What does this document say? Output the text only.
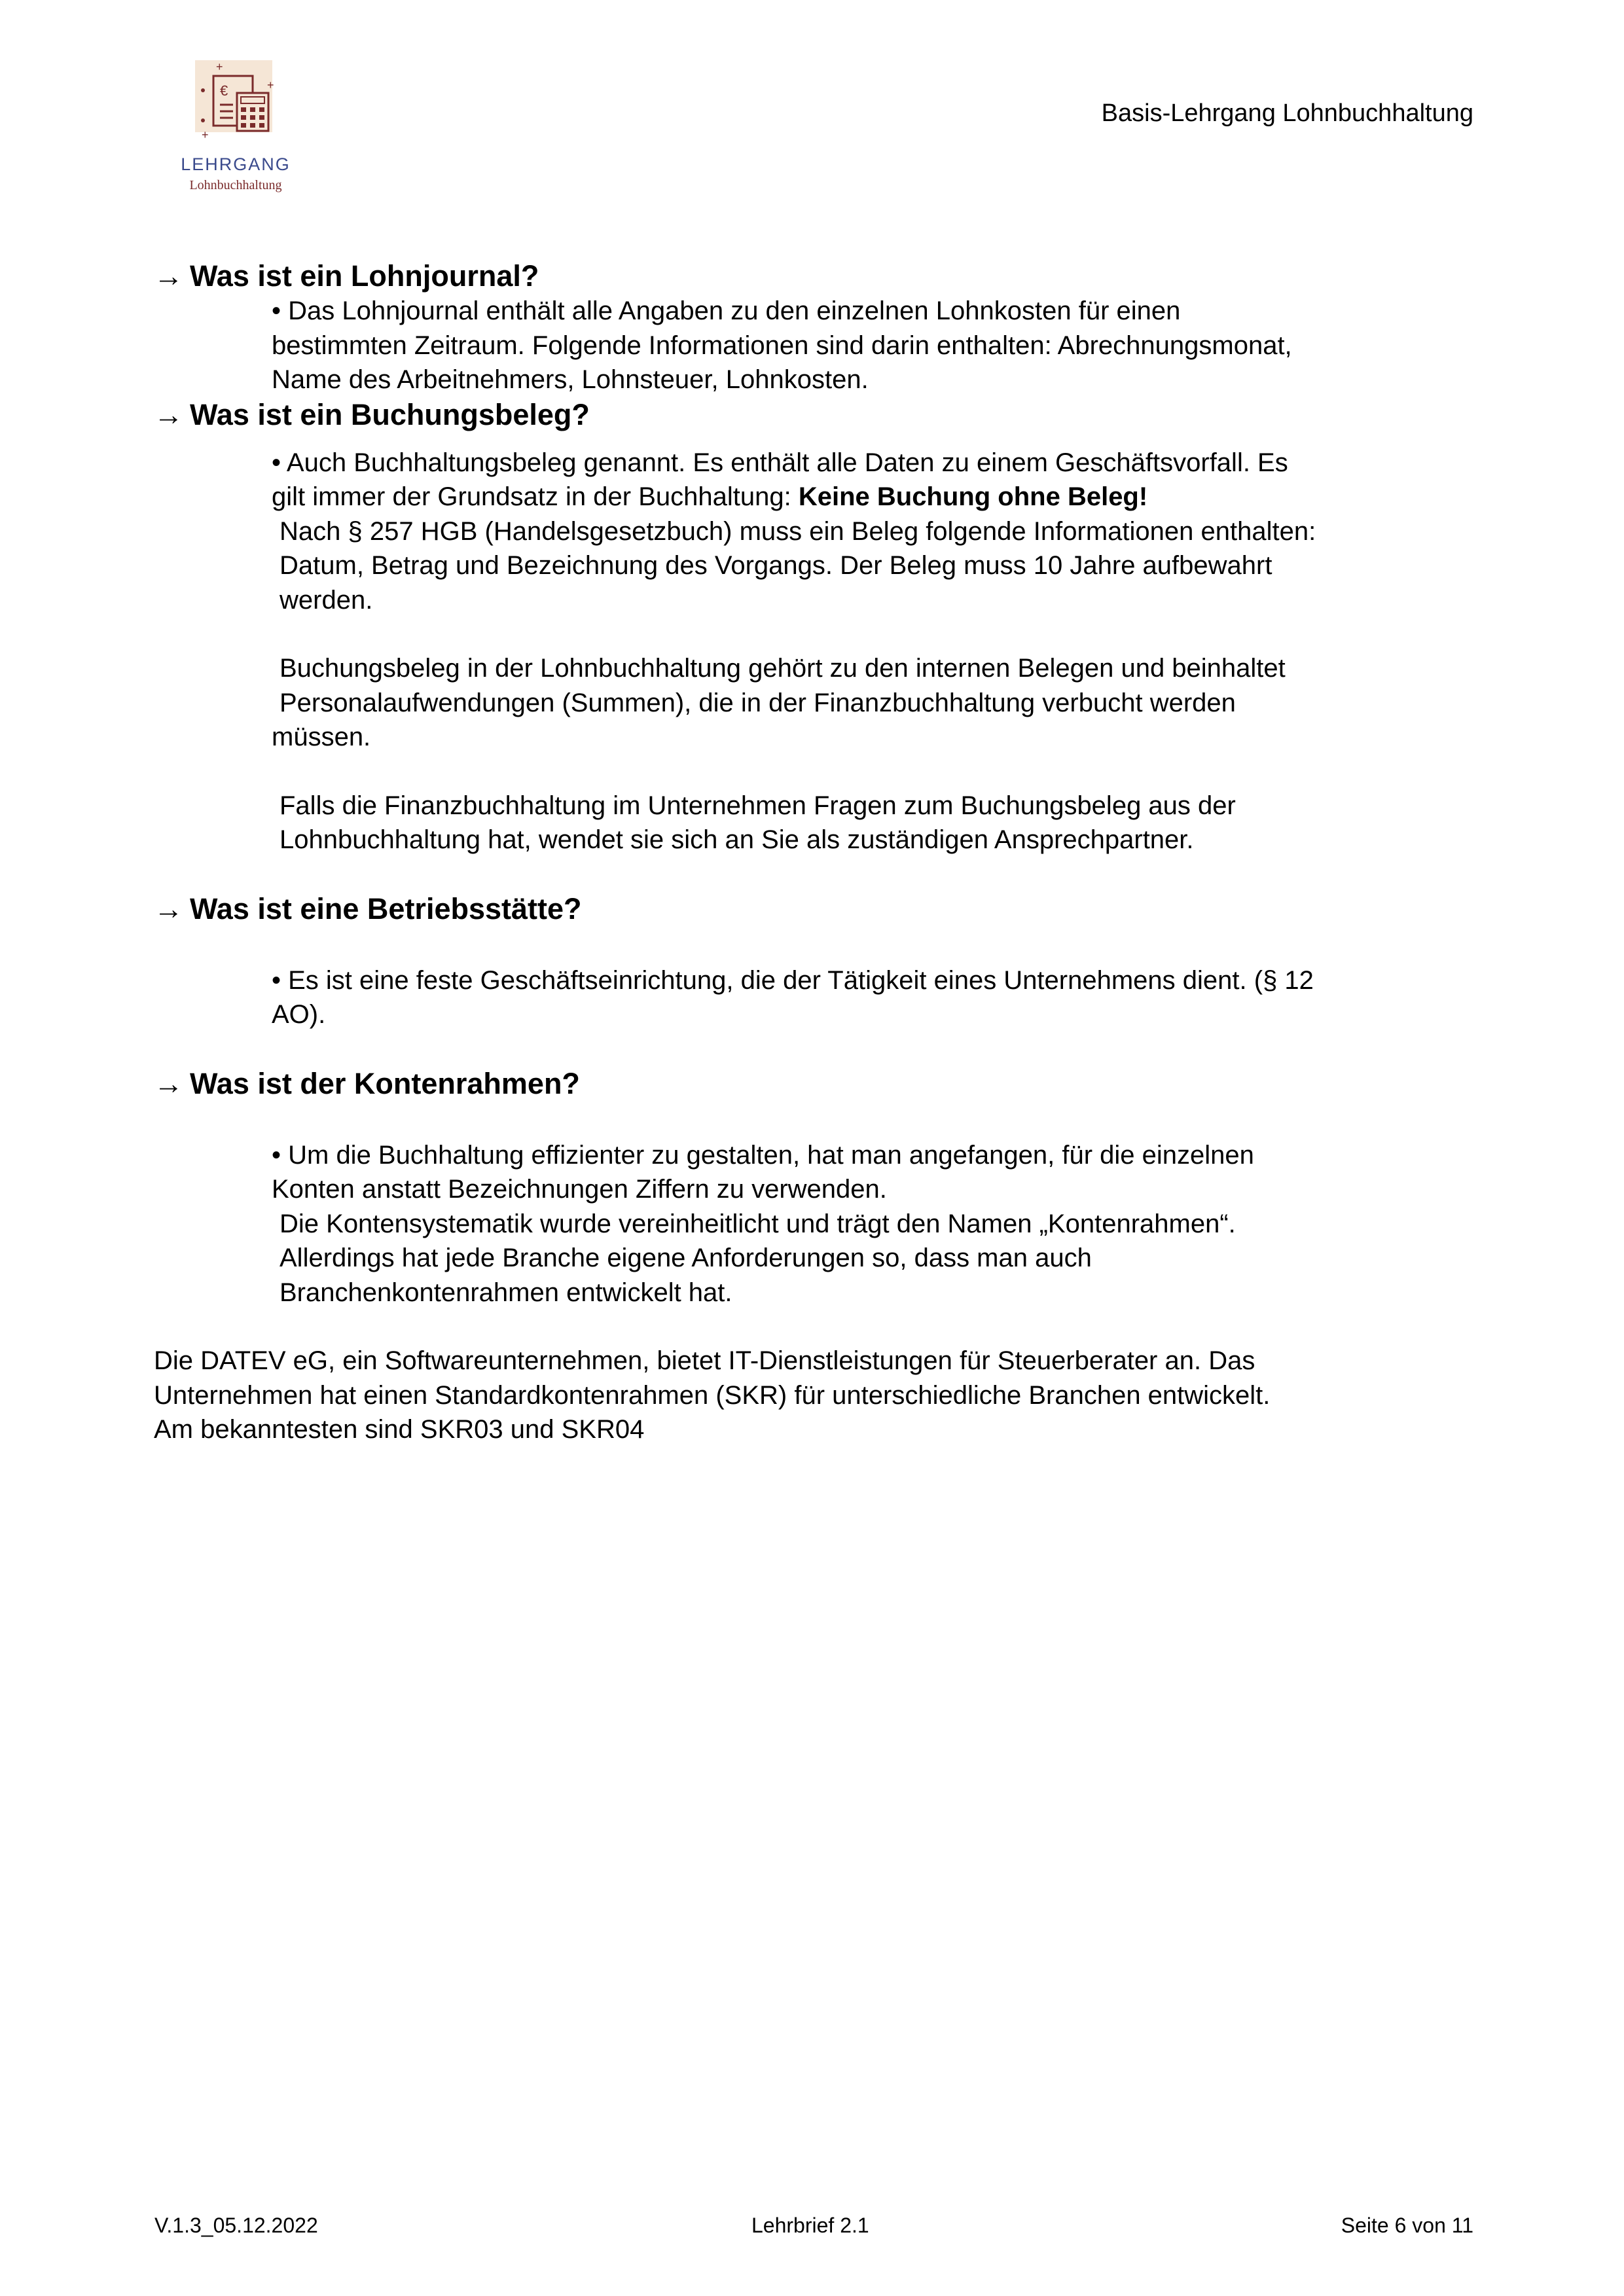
+
+
+
€
LEHRGANG
Lohnbuchhaltung
Basis-Lehrgang Lohnbuchhaltung
→ Was ist ein Lohnjournal?
• Das Lohnjournal enthält alle Angaben zu den einzelnen Lohnkosten für einen
bestimmten Zeitraum. Folgende Informationen sind darin enthalten: Abrechnungsmonat,
Name des Arbeitnehmers, Lohnsteuer, Lohnkosten.
→ Was ist ein Buchungsbeleg?
• Auch Buchhaltungsbeleg genannt. Es enthält alle Daten zu einem Geschäftsvorfall. Es
gilt immer der Grundsatz in der Buchhaltung: Keine Buchung ohne Beleg!
Nach § 257 HGB (Handelsgesetzbuch) muss ein Beleg folgende Informationen enthalten:
Datum, Betrag und Bezeichnung des Vorgangs. Der Beleg muss 10 Jahre aufbewahrt
werden.
Buchungsbeleg in der Lohnbuchhaltung gehört zu den internen Belegen und beinhaltet
Personalaufwendungen (Summen), die in der Finanzbuchhaltung verbucht werden
müssen.
Falls die Finanzbuchhaltung im Unternehmen Fragen zum Buchungsbeleg aus der
Lohnbuchhaltung hat, wendet sie sich an Sie als zuständigen Ansprechpartner.
→ Was ist eine Betriebsstätte?
• Es ist eine feste Geschäftseinrichtung, die der Tätigkeit eines Unternehmens dient. (§ 12
AO).
→ Was ist der Kontenrahmen?
• Um die Buchhaltung effizienter zu gestalten, hat man angefangen, für die einzelnen
Konten anstatt Bezeichnungen Ziffern zu verwenden.
Die Kontensystematik wurde vereinheitlicht und trägt den Namen „Kontenrahmen“.
Allerdings hat jede Branche eigene Anforderungen so, dass man auch
Branchenkontenrahmen entwickelt hat.
Die DATEV eG, ein Softwareunternehmen, bietet IT-Dienstleistungen für Steuerberater an. Das
Unternehmen hat einen Standardkontenrahmen (SKR) für unterschiedliche Branchen entwickelt.
Am bekanntesten sind SKR03 und SKR04
V.1.3_05.12.2022	Lehrbrief 2.1	Seite 6 von 11
